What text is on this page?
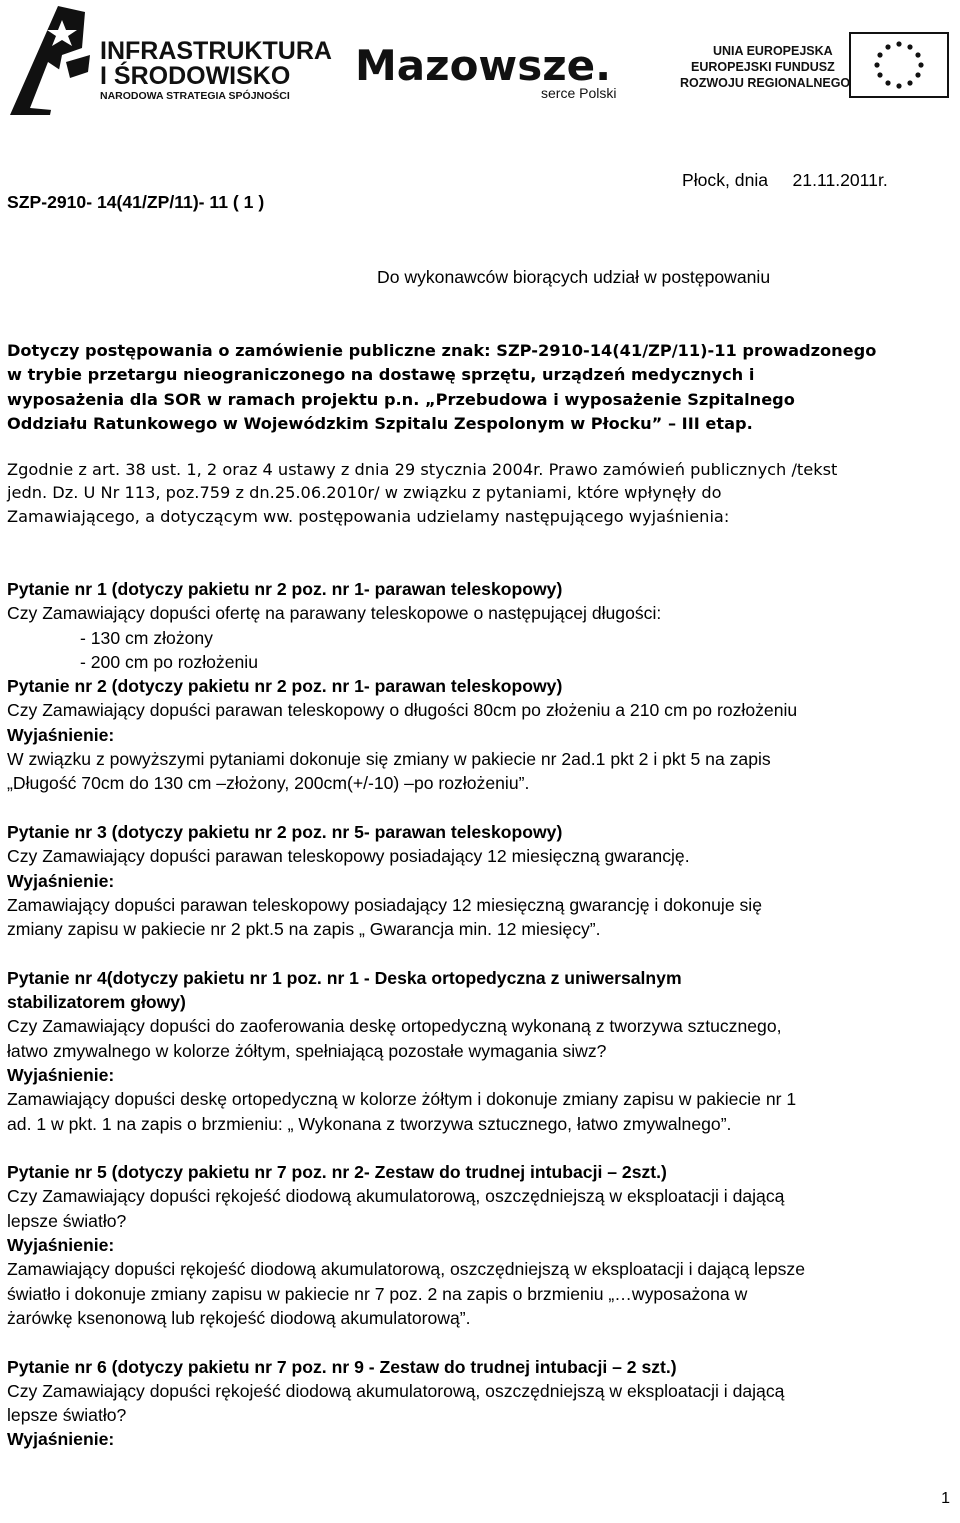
INFRASTRUKTURA
I ŚRODOWISKO
NARODOWA STRATEGIA SPÓJNOŚCI
Mazowsze.
serce Polski
UNIA EUROPEJSKA
EUROPEJSKI FUNDUSZ
ROZWOJU REGIONALNEGO
SZP-2910- 14(41/ZP/11)- 11 ( 1 )
Płock, dnia     21.11.2011r.
Do wykonawców biorących udział w postępowaniu
Dotyczy postępowania o zamówienie publiczne znak: SZP-2910-14(41/ZP/11)-11 prowadzonego
w trybie przetargu nieograniczonego na dostawę sprzętu, urządzeń medycznych i
wyposażenia dla SOR w ramach projektu p.n. „Przebudowa i wyposażenie Szpitalnego
Oddziału Ratunkowego w Wojewódzkim Szpitalu Zespolonym w Płocku” – III etap.
Zgodnie z art. 38 ust. 1, 2 oraz 4 ustawy z dnia 29 stycznia 2004r. Prawo zamówień publicznych /tekst
jedn. Dz. U Nr 113, poz.759 z dn.25.06.2010r/ w związku z pytaniami, które wpłynęły do
Zamawiającego, a dotyczącym ww. postępowania udzielamy następującego wyjaśnienia:
Pytanie nr 1 (dotyczy pakietu nr 2 poz. nr 1- parawan teleskopowy)
Czy Zamawiający dopuści ofertę na parawany teleskopowe o następującej długości:
- 130 cm złożony
- 200 cm po rozłożeniu
Pytanie nr 2 (dotyczy pakietu nr 2 poz. nr 1- parawan teleskopowy)
Czy Zamawiający dopuści parawan teleskopowy o długości 80cm po złożeniu a 210 cm po rozłożeniu
Wyjaśnienie:
W związku z powyższymi pytaniami dokonuje się zmiany w pakiecie nr 2ad.1 pkt 2 i pkt 5 na zapis
„Długość 70cm do 130 cm –złożony, 200cm(+/-10) –po rozłożeniu”.
Pytanie nr 3 (dotyczy pakietu nr 2 poz. nr 5- parawan teleskopowy)
Czy Zamawiający dopuści parawan teleskopowy posiadający 12 miesięczną gwarancję.
Wyjaśnienie:
Zamawiający dopuści parawan teleskopowy posiadający 12 miesięczną gwarancję i dokonuje się
zmiany zapisu w pakiecie nr 2 pkt.5 na zapis „ Gwarancja min. 12 miesięcy”.
Pytanie nr 4(dotyczy pakietu nr 1 poz. nr 1 - Deska ortopedyczna z uniwersalnym
stabilizatorem głowy)
Czy Zamawiający dopuści do zaoferowania deskę ortopedyczną wykonaną z tworzywa sztucznego,
łatwo zmywalnego w kolorze żółtym, spełniającą pozostałe wymagania siwz?
Wyjaśnienie:
Zamawiający dopuści deskę ortopedyczną w kolorze żółtym i dokonuje zmiany zapisu w pakiecie nr 1
ad. 1 w pkt. 1 na zapis o brzmieniu: „ Wykonana z tworzywa sztucznego, łatwo zmywalnego”.
Pytanie nr 5 (dotyczy pakietu nr 7 poz. nr 2- Zestaw do trudnej intubacji – 2szt.)
Czy Zamawiający dopuści rękojeść diodową akumulatorową, oszczędniejszą w eksploatacji i dającą
lepsze światło?
Wyjaśnienie:
Zamawiający dopuści rękojeść diodową akumulatorową, oszczędniejszą w eksploatacji i dającą lepsze
światło i dokonuje zmiany zapisu w pakiecie nr 7 poz. 2 na zapis o brzmieniu „…wyposażona w
żarówkę ksenonową lub rękojeść diodową akumulatorową”.
Pytanie nr 6 (dotyczy pakietu nr 7 poz. nr 9 - Zestaw do trudnej intubacji – 2 szt.)
Czy Zamawiający dopuści rękojeść diodową akumulatorową, oszczędniejszą w eksploatacji i dającą
lepsze światło?
Wyjaśnienie:
1
